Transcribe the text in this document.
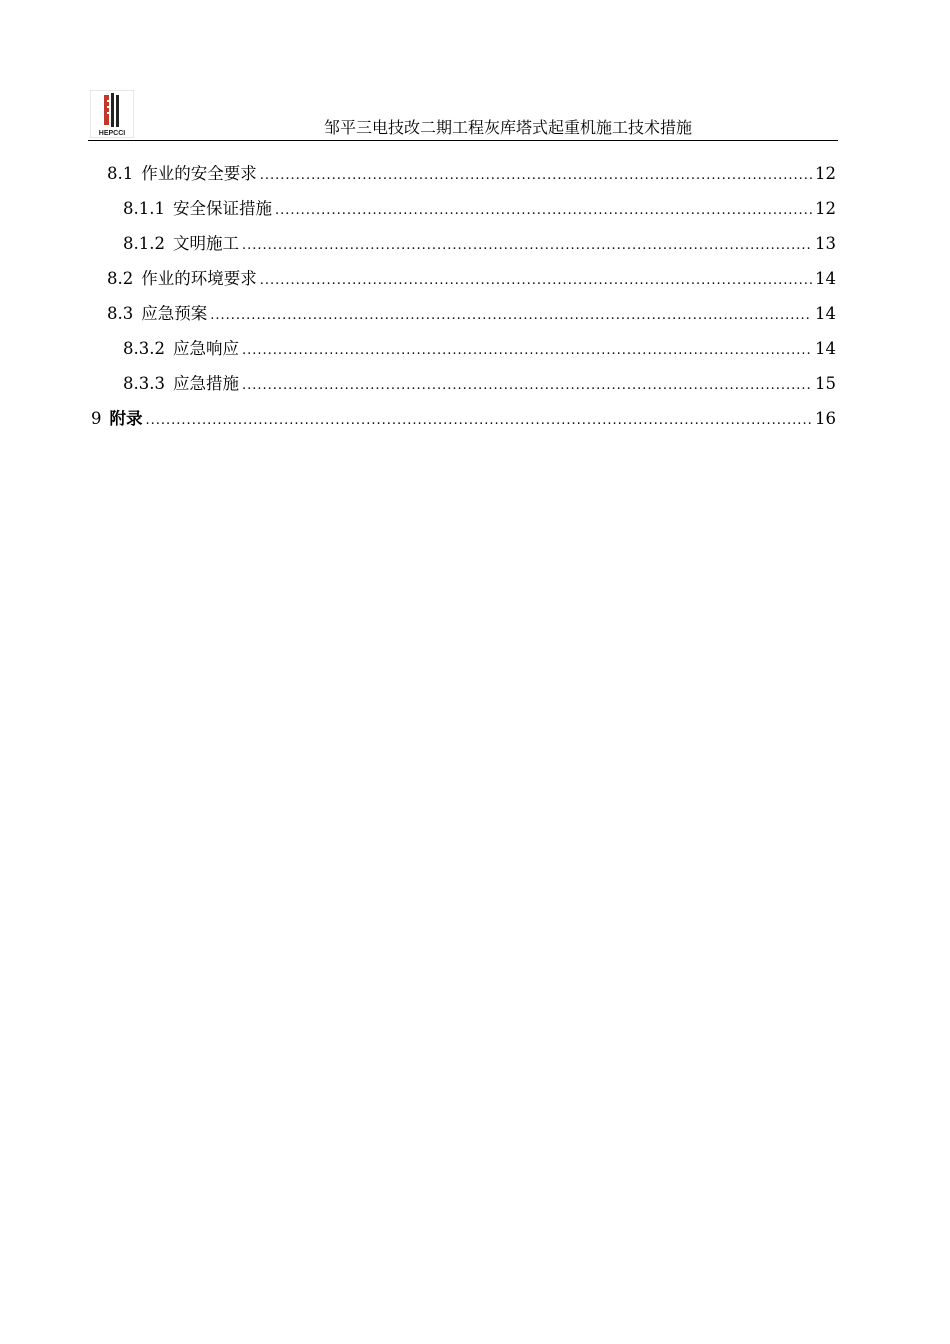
HEPCCI	邹平三电技改二期工程灰库塔式起重机施工技术措施
8.1 作业的安全要求 .....	12
8.1.1 安全保证措施 .....	12
8.1.2 文明施工 .....	13
8.2 作业的环境要求 .....	14
8.3 应急预案 .....	14
8.3.2 应急响应 .....	14
8.3.3 应急措施 .....	15
9 附录 .....	16
